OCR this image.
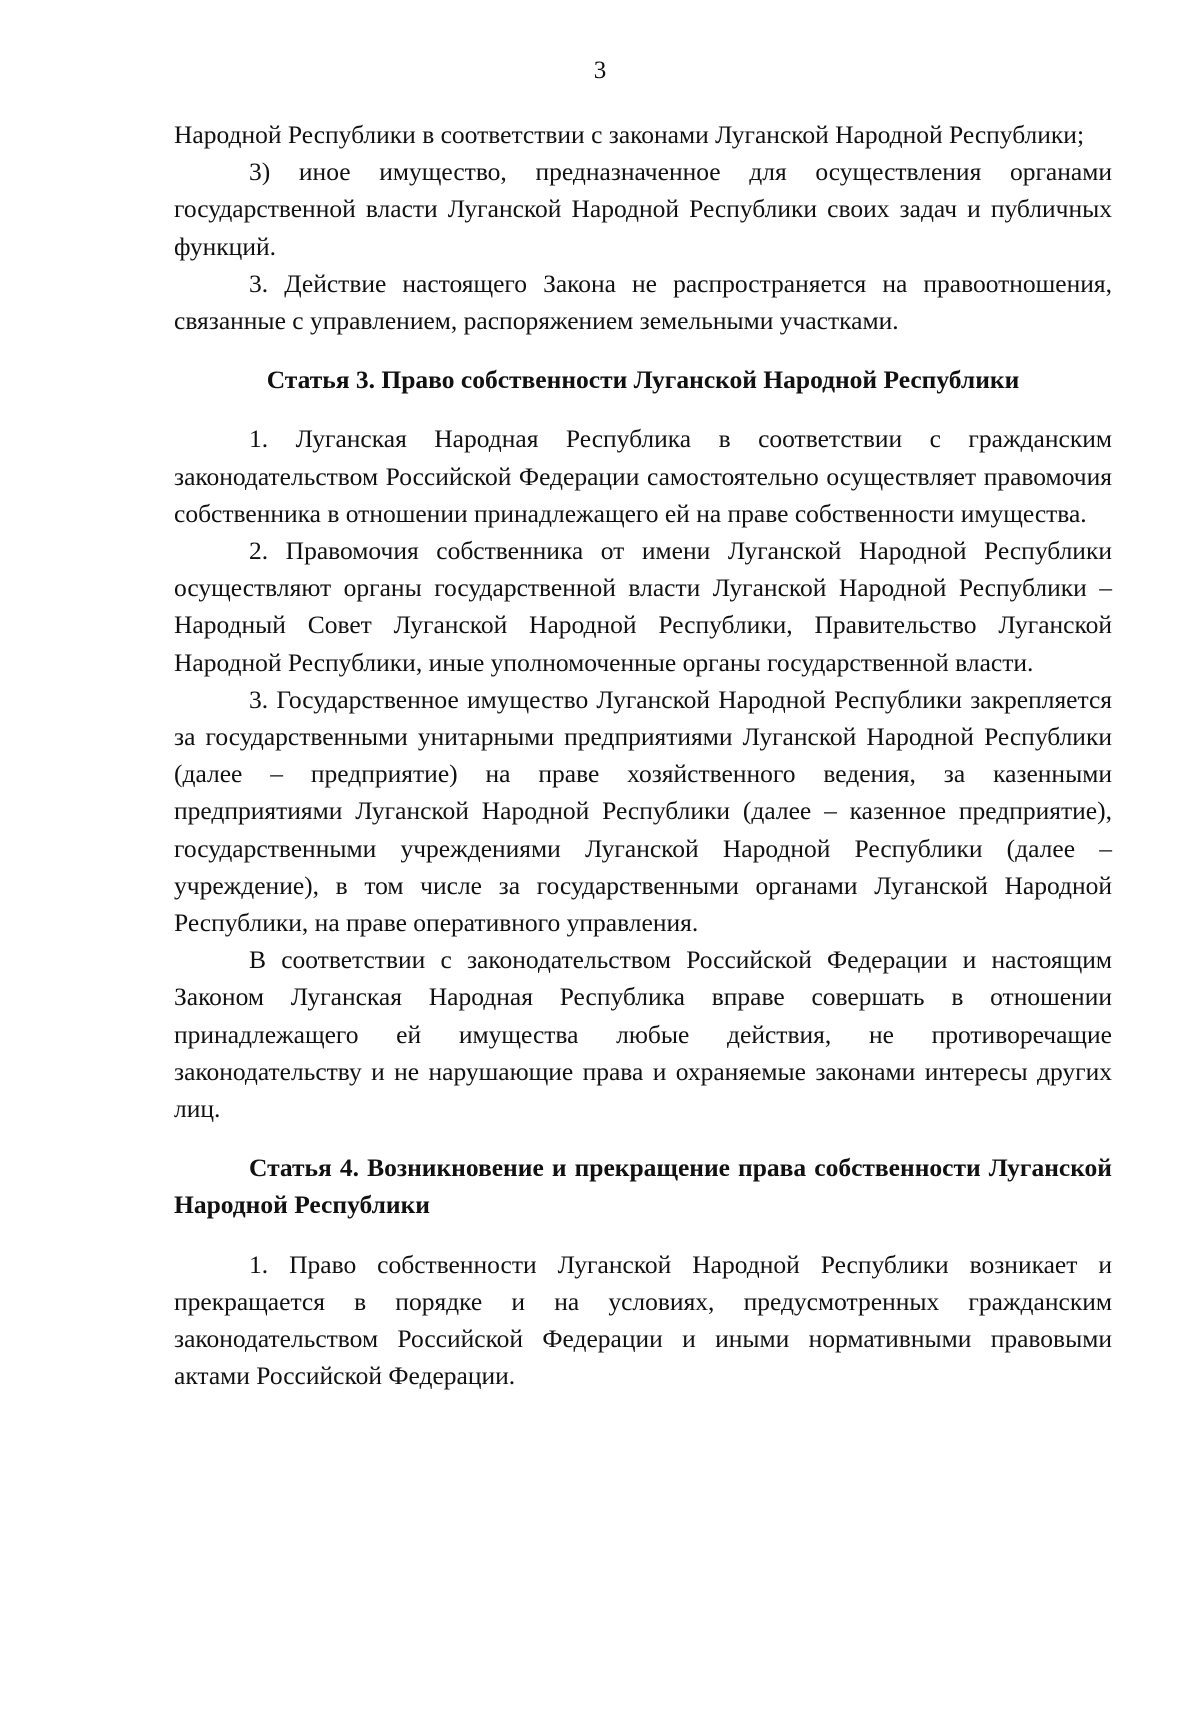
3

Народной Республики в соответствии с законами Луганской Народной Республики;

3) иное имущество, предназначенное для осуществления органами государственной власти Луганской Народной Республики своих задач и публичных функций.

3. Действие настоящего Закона не распространяется на правоотношения, связанные с управлением, распоряжением земельными участками.

Статья 3. Право собственности Луганской Народной Республики

1. Луганская Народная Республика в соответствии с гражданским законодательством Российской Федерации самостоятельно осуществляет правомочия собственника в отношении принадлежащего ей на праве собственности имущества.

2. Правомочия собственника от имени Луганской Народной Республики осуществляют органы государственной власти Луганской Народной Республики – Народный Совет Луганской Народной Республики, Правительство Луганской Народной Республики, иные уполномоченные органы государственной власти.

3. Государственное имущество Луганской Народной Республики закрепляется за государственными унитарными предприятиями Луганской Народной Республики (далее – предприятие) на праве хозяйственного ведения, за казенными предприятиями Луганской Народной Республики (далее – казенное предприятие), государственными учреждениями Луганской Народной Республики (далее – учреждение), в том числе за государственными органами Луганской Народной Республики, на праве оперативного управления.

В соответствии с законодательством Российской Федерации и настоящим Законом Луганская Народная Республика вправе совершать в отношении принадлежащего ей имущества любые действия, не противоречащие законодательству и не нарушающие права и охраняемые законами интересы других лиц.

Статья 4. Возникновение и прекращение права собственности Луганской Народной Республики

1. Право собственности Луганской Народной Республики возникает и прекращается в порядке и на условиях, предусмотренных гражданским законодательством Российской Федерации и иными нормативными правовыми актами Российской Федерации.
